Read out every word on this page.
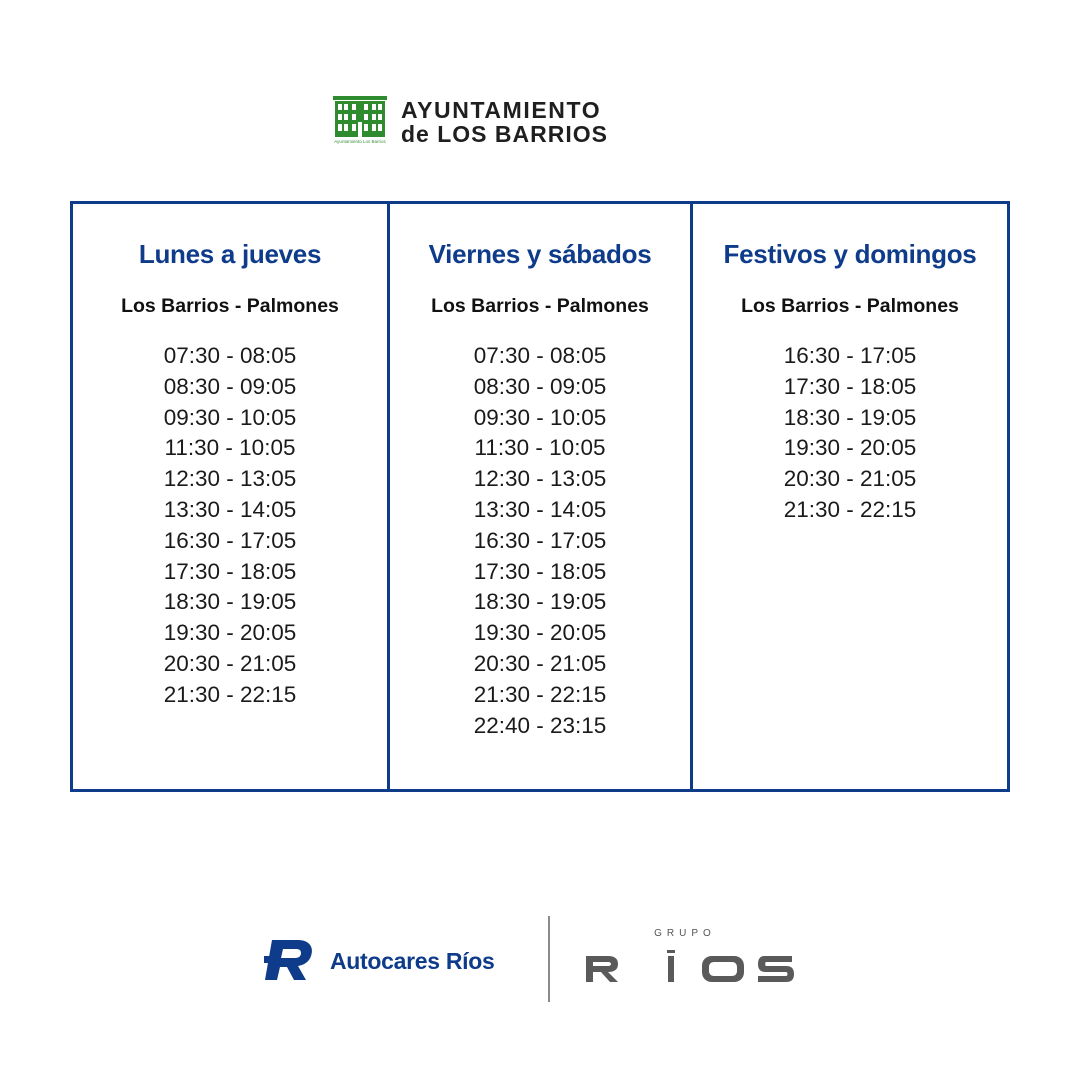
Ayuntamiento Los Barrios
AYUNTAMIENTO
de LOS BARRIOS
Lunes a jueves
Los Barrios - Palmones
07:30 - 08:05
08:30 - 09:05
09:30 - 10:05
11:30 - 10:05
12:30 - 13:05
13:30 - 14:05
16:30 - 17:05
17:30 - 18:05
18:30 - 19:05
19:30 - 20:05
20:30 - 21:05
21:30 - 22:15
Viernes y sábados
Los Barrios - Palmones
07:30 - 08:05
08:30 - 09:05
09:30 - 10:05
11:30 - 10:05
12:30 - 13:05
13:30 - 14:05
16:30 - 17:05
17:30 - 18:05
18:30 - 19:05
19:30 - 20:05
20:30 - 21:05
21:30 - 22:15
22:40 - 23:15
Festivos y domingos
Los Barrios - Palmones
16:30 - 17:05
17:30 - 18:05
18:30 - 19:05
19:30 - 20:05
20:30 - 21:05
21:30 - 22:15
Autocares Ríos
GRUPO
